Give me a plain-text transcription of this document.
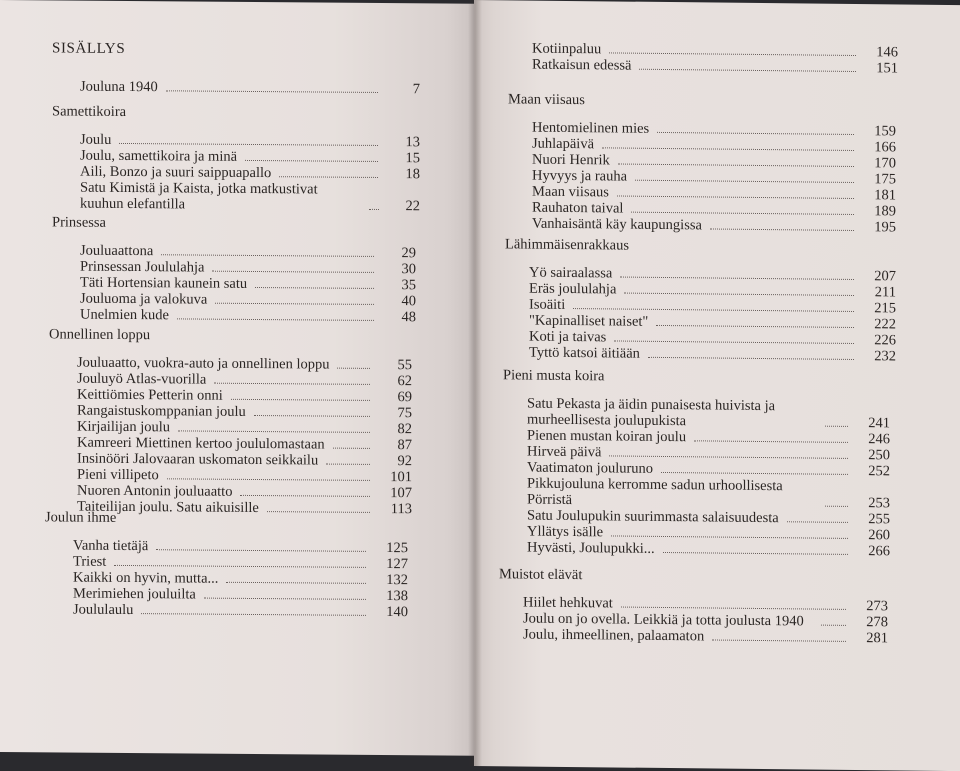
SISÄLLYS
Jouluna 1940	7
Samettikoira
Joulu	13
Joulu, samettikoira ja minä	15
Aili, Bonzo ja suuri saippuapallo	18
Satu Kimistä ja Kaista, jotka matkustivat kuuhun elefantilla	22
Prinsessa
Jouluaattona	29
Prinsessan Joululahja	30
Täti Hortensian kaunein satu	35
Jouluoma ja valokuva	40
Unelmien kude	48
Onnellinen loppu
Jouluaatto, vuokra-auto ja onnellinen loppu	55
Jouluyö Atlas-vuorilla	62
Keittiömies Petterin onni	69
Rangaistuskomppanian joulu	75
Kirjailijan joulu	82
Kamreeri Miettinen kertoo joululomastaan	87
Insinööri Jalovaaran uskomaton seikkailu	92
Pieni villipeto	101
Nuoren Antonin jouluaatto	107
Taiteilijan joulu. Satu aikuisille	113
Joulun ihme
Vanha tietäjä	125
Triest	127
Kaikki on hyvin, mutta...	132
Merimiehen jouluilta	138
Joululaulu	140
Kotiinpaluu	146
Ratkaisun edessä	151
Maan viisaus
Hentomielinen mies	159
Juhlapäivä	166
Nuori Henrik	170
Hyvyys ja rauha	175
Maan viisaus	181
Rauhaton taival	189
Vanhaisäntä käy kaupungissa	195
Lähimmäisenrakkaus
Yö sairaalassa	207
Eräs joululahja	211
Isoäiti	215
"Kapinalliset naiset"	222
Koti ja taivas	226
Tyttö katsoi äitiään	232
Pieni musta koira
Satu Pekasta ja äidin punaisesta huivista ja murheellisesta joulupukista	241
Pienen mustan koiran joulu	246
Hirveä päivä	250
Vaatimaton jouluruno	252
Pikkujouluna kerromme sadun urhoollisesta Pörristä	253
Satu Joulupukin suurimmasta salaisuudesta	255
Yllätys isälle	260
Hyvästi, Joulupukki...	266
Muistot elävät
Hiilet hehkuvat	273
Joulu on jo ovella. Leikkiä ja totta joulusta 1940	278
Joulu, ihmeellinen, palaamaton	281
